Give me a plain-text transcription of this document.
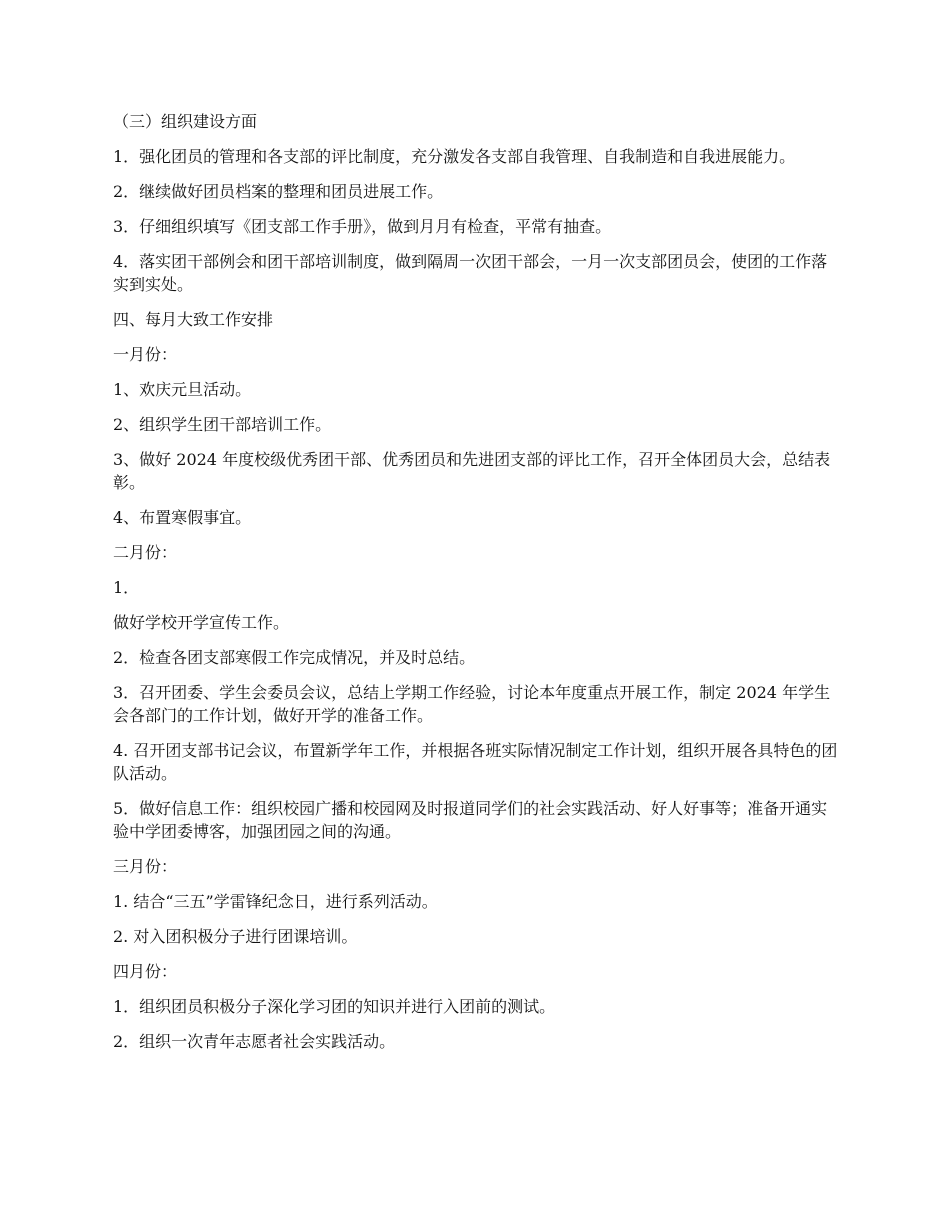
（三）组织建设方面

1．强化团员的管理和各支部的评比制度，充分激发各支部自我管理、自我制造和自我进展能力。

2．继续做好团员档案的整理和团员进展工作。

3．仔细组织填写《团支部工作手册》，做到月月有检查，平常有抽查。

4．落实团干部例会和团干部培训制度，做到隔周一次团干部会，一月一次支部团员会，使团的工作落实到实处。

四、每月大致工作安排

一月份：

1、欢庆元旦活动。

2、组织学生团干部培训工作。

3、做好 2024 年度校级优秀团干部、优秀团员和先进团支部的评比工作，召开全体团员大会，总结表彰。

4、布置寒假事宜。

二月份：

1．

做好学校开学宣传工作。

2．检查各团支部寒假工作完成情况，并及时总结。

3．召开团委、学生会委员会议，总结上学期工作经验，讨论本年度重点开展工作，制定 2024 年学生会各部门的工作计划，做好开学的准备工作。

4. 召开团支部书记会议，布置新学年工作，并根据各班实际情况制定工作计划，组织开展各具特色的团队活动。

5．做好信息工作：组织校园广播和校园网及时报道同学们的社会实践活动、好人好事等；准备开通实验中学团委博客，加强团园之间的沟通。

三月份：

1. 结合“三五”学雷锋纪念日，进行系列活动。

2. 对入团积极分子进行团课培训。

四月份：

1．组织团员积极分子深化学习团的知识并进行入团前的测试。

2．组织一次青年志愿者社会实践活动。
